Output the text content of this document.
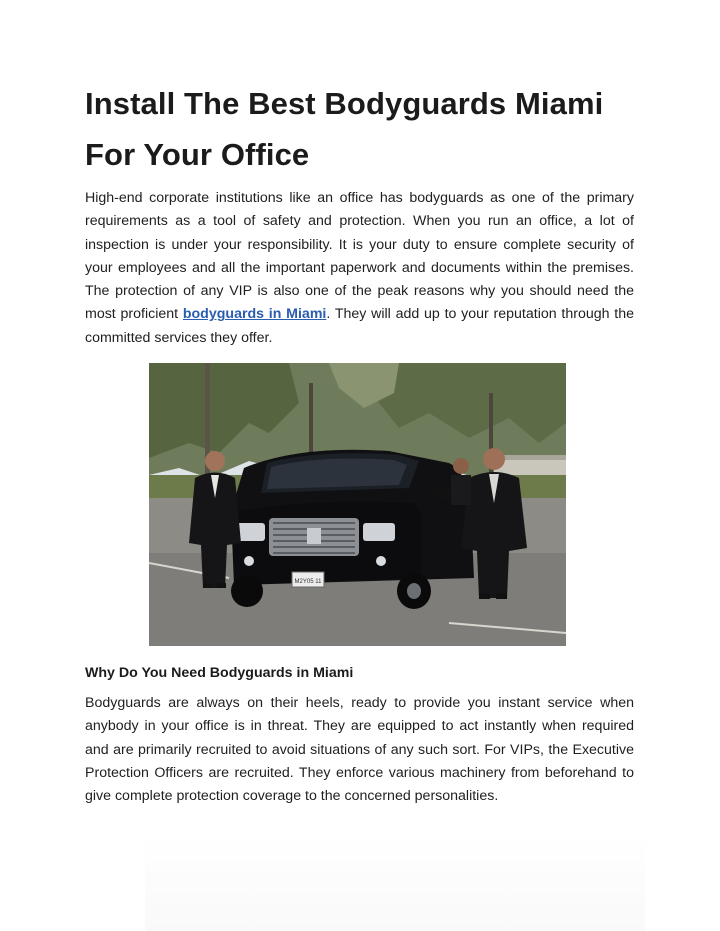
Install The Best Bodyguards Miami For Your Office

High-end corporate institutions like an office has bodyguards as one of the primary requirements as a tool of safety and protection. When you run an office, a lot of inspection is under your responsibility. It is your duty to ensure complete security of your employees and all the important paperwork and documents within the premises. The protection of any VIP is also one of the peak reasons why you should need the most proficient bodyguards in Miami. They will add up to your reputation through the committed services they offer.

M2Y05 11
Why Do You Need Bodyguards in Miami

Bodyguards are always on their heels, ready to provide you instant service when anybody in your office is in threat. They are equipped to act instantly when required and are primarily recruited to avoid situations of any such sort. For VIPs, the Executive Protection Officers are recruited. They enforce various machinery from beforehand to give complete protection coverage to the concerned personalities.
